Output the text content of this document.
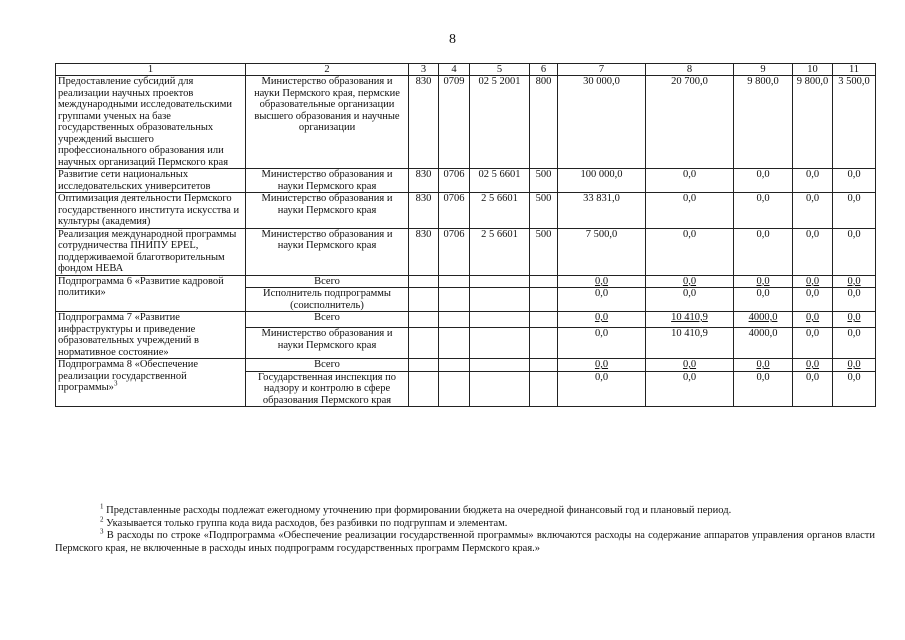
8
1	2	3	4	5	6	7	8	9	10	11
Предоставление субсидий для реализации научных проектов международными исследовательскими группами ученых на базе государственных образовательных учреждений высшего профессионального образования или научных организаций Пермского края	Министерство образования и науки Пермского края, пермские образовательные организации высшего образования и научные организации	830	0709	02 5 2001	800	30 000,0	20 700,0	9 800,0	9 800,0	3 500,0
Развитие сети национальных исследовательских университетов	Министерство образования и науки Пермского края	830	0706	02 5 6601	500	100 000,0	0,0	0,0	0,0	0,0
Оптимизация деятельности Пермского государственного института искусства и культуры (академия)	Министерство образования и науки Пермского края	830	0706	2 5 6601	500	33 831,0	0,0	0,0	0,0	0,0
Реализация международной программы сотрудничества ПНИПУ EPEL, поддерживаемой благотворительным фондом НЕВА	Министерство образования и науки Пермского края	830	0706	2 5 6601	500	7 500,0	0,0	0,0	0,0	0,0
Подпрограмма 6 «Развитие кадровой политики»	Всего					0,0	0,0	0,0	0,0	0,0
	Исполнитель подпрограммы (соисполнитель)					0,0	0,0	0,0	0,0	0,0
Подпрограмма 7 «Развитие инфраструктуры и приведение образовательных учреждений в нормативное состояние»	Всего					0,0	10 410,9	4000,0	0,0	0,0
	Министерство образования и науки Пермского края					0,0	10 410,9	4000,0	0,0	0,0
Подпрограмма 8 «Обеспечение реализации государственной программы»$^3$	Всего					0,0	0,0	0,0	0,0	0,0
	Государственная инспекция по надзору и контролю в сфере образования Пермского края					0,0	0,0	0,0	0,0	0,0

$^1$ Представленные расходы подлежат ежегодному уточнению при формировании бюджета на очередной финансовый год и плановый период.

$^2$ Указывается только группа кода вида расходов, без разбивки по подгруппам и элементам.

$^3$ В расходы по строке «Подпрограмма «Обеспечение реализации государственной программы» включаются расходы на содержание аппаратов управления органов власти Пермского края, не включенные в расходы иных подпрограмм государственных программ Пермского края.»
